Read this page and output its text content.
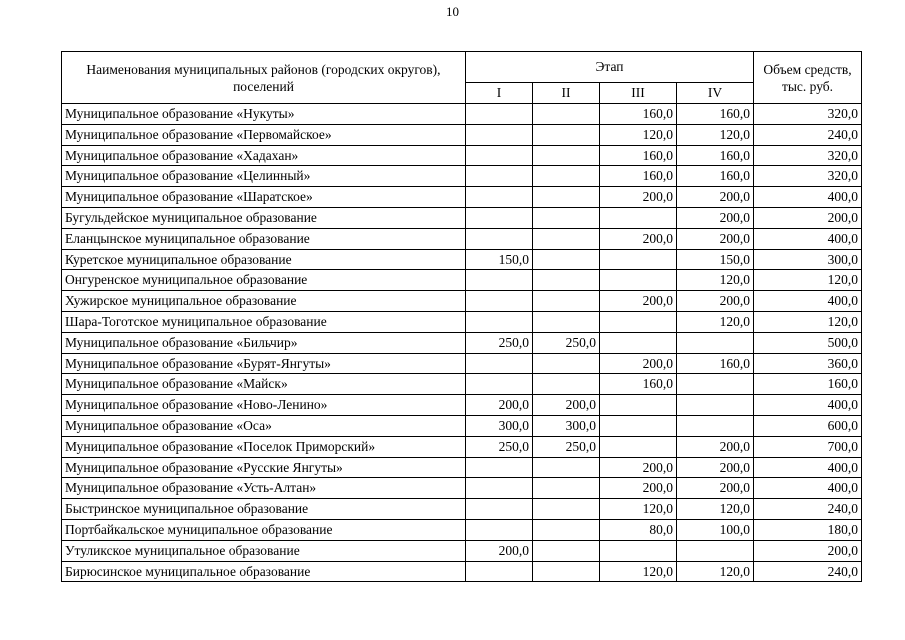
10
Наименования муниципальных районов (городских округов), поселений	Этап				Объем средств, тыс. руб.
	I	II	III	IV	
Муниципальное образование «Нукуты»			160,0	160,0	320,0
Муниципальное образование «Первомайское»			120,0	120,0	240,0
Муниципальное образование «Хадахан»			160,0	160,0	320,0
Муниципальное образование «Целинный»			160,0	160,0	320,0
Муниципальное образование «Шаратское»			200,0	200,0	400,0
Бугульдейское муниципальное образование				200,0	200,0
Еланцынское муниципальное образование			200,0	200,0	400,0
Куретское муниципальное образование	150,0			150,0	300,0
Онгуренское муниципальное образование				120,0	120,0
Хужирское муниципальное образование			200,0	200,0	400,0
Шара-Тоготское муниципальное образование				120,0	120,0
Муниципальное образование «Бильчир»	250,0	250,0			500,0
Муниципальное образование «Бурят-Янгуты»			200,0	160,0	360,0
Муниципальное образование «Майск»			160,0		160,0
Муниципальное образование «Ново-Ленино»	200,0	200,0			400,0
Муниципальное образование «Оса»	300,0	300,0			600,0
Муниципальное образование «Поселок Приморский»	250,0	250,0		200,0	700,0
Муниципальное образование «Русские Янгуты»			200,0	200,0	400,0
Муниципальное образование «Усть-Алтан»			200,0	200,0	400,0
Быстринское муниципальное образование			120,0	120,0	240,0
Портбайкальское муниципальное образование			80,0	100,0	180,0
Утуликское муниципальное образование	200,0				200,0
Бирюсинское муниципальное образование			120,0	120,0	240,0
